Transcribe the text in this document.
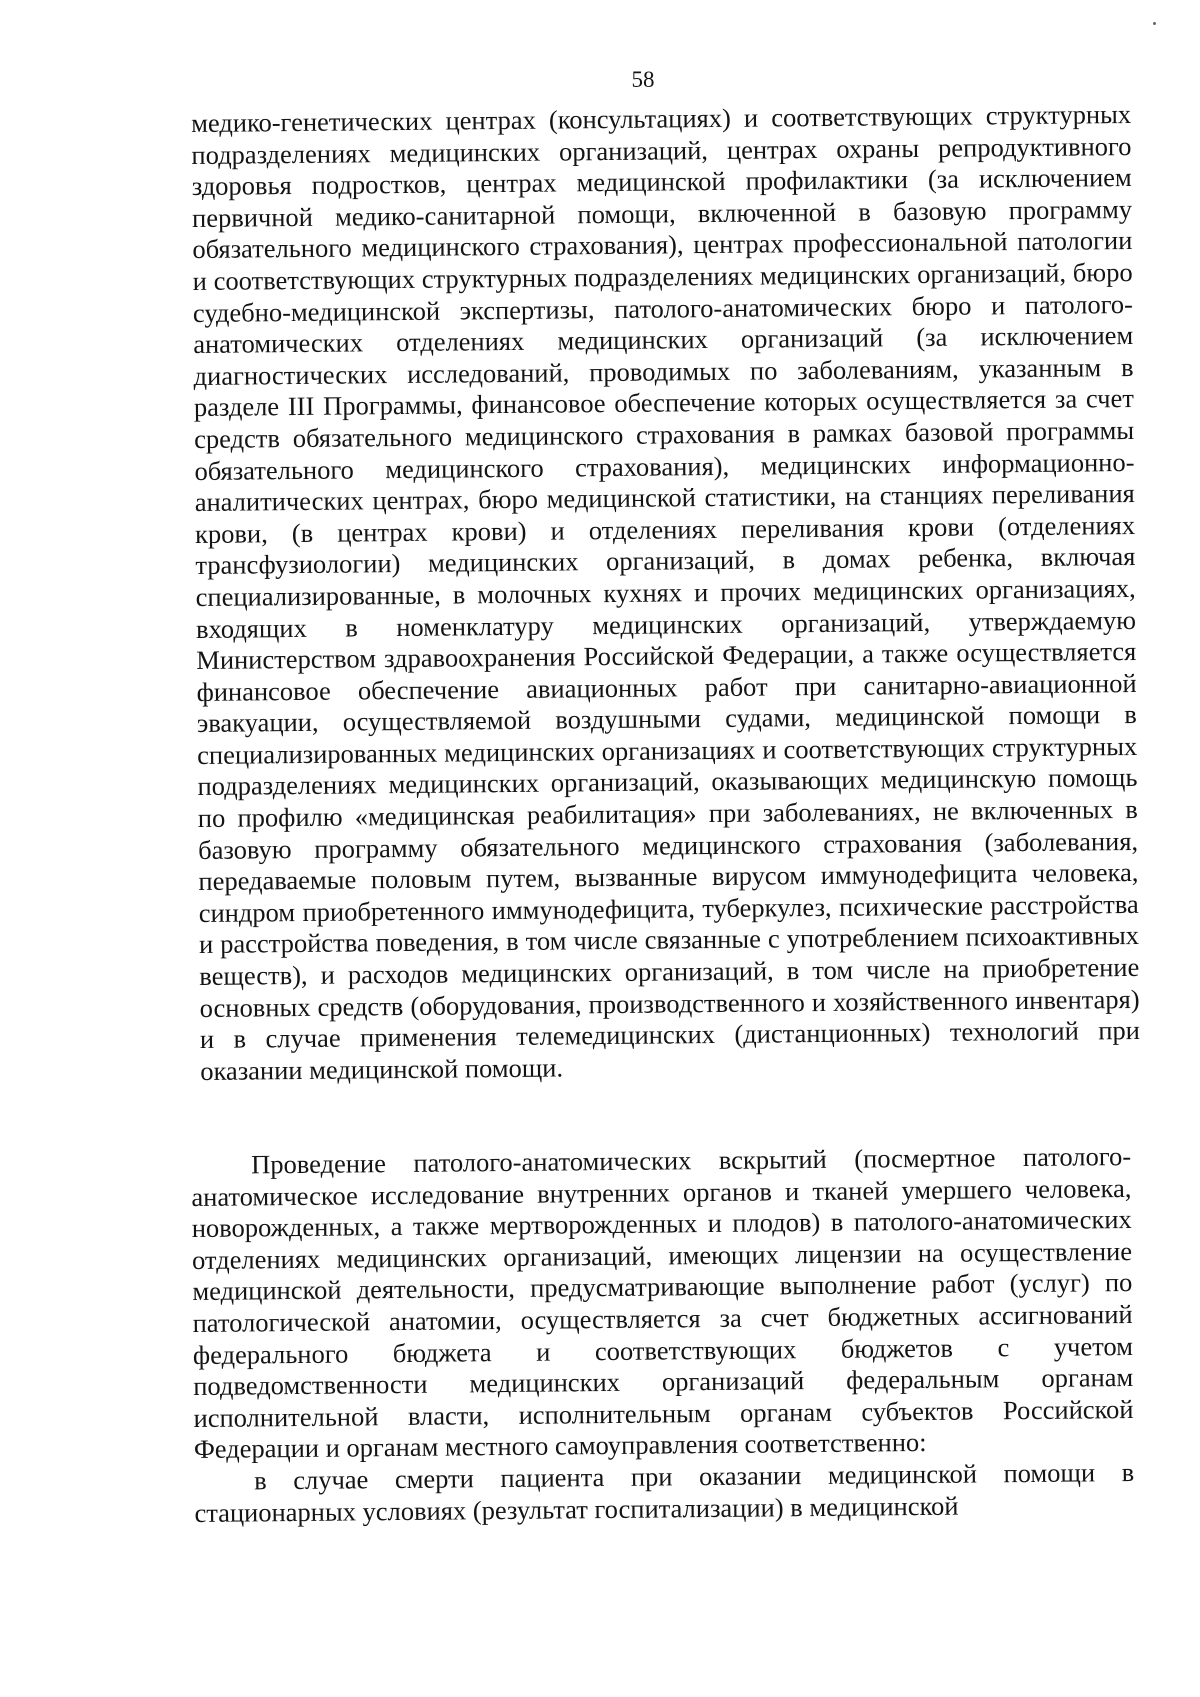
58

медико-генетических центрах (консультациях) и соответствующих структурных подразделениях медицинских организаций, центрах охраны репродуктивного здоровья подростков, центрах медицинской профилактики (за исключением первичной медико-санитарной помощи, включенной в базовую программу обязательного медицинского страхования), центрах профессиональной патологии и соответствующих структурных подразделениях медицинских организаций, бюро судебно-медицинской экспертизы, патолого-анатомических бюро и патолого-анатомических отделениях медицинских организаций (за исключением диагностических исследований, проводимых по заболеваниям, указанным в разделе III Программы, финансовое обеспечение которых осуществляется за счет средств обязательного медицинского страхования в рамках базовой программы обязательного медицинского страхования), медицинских информационно-аналитических центрах, бюро медицинской статистики, на станциях переливания крови, (в центрах крови) и отделениях переливания крови (отделениях трансфузиологии) медицинских организаций, в домах ребенка, включая специализированные, в молочных кухнях и прочих медицинских организациях, входящих в номенклатуру медицинских организаций, утверждаемую Министерством здравоохранения Российской Федерации, а также осуществляется финансовое обеспечение авиационных работ при санитарно-авиационной эвакуации, осуществляемой воздушными судами, медицинской помощи в специализированных медицинских организациях и соответствующих структурных подразделениях медицинских организаций, оказывающих медицинскую помощь по профилю «медицинская реабилитация» при заболеваниях, не включенных в базовую программу обязательного медицинского страхования (заболевания, передаваемые половым путем, вызванные вирусом иммунодефицита человека, синдром приобретенного иммунодефицита, туберкулез, психические расстройства и расстройства поведения, в том числе связанные с употреблением психоактивных веществ), и расходов медицинских организаций, в том числе на приобретение основных средств (оборудования, производственного и хозяйственного инвентаря) и в случае применения телемедицинских (дистанционных) технологий при оказании медицинской помощи.

Проведение патолого-анатомических вскрытий (посмертное патолого-анатомическое исследование внутренних органов и тканей умершего человека, новорожденных, а также мертворожденных и плодов) в патолого-анатомических отделениях медицинских организаций, имеющих лицензии на осуществление медицинской деятельности, предусматривающие выполнение работ (услуг) по патологической анатомии, осуществляется за счет бюджетных ассигнований федерального бюджета и соответствующих бюджетов с учетом подведомственности медицинских организаций федеральным органам исполнительной власти, исполнительным органам субъектов Российской Федерации и органам местного самоуправления соответственно:

в случае смерти пациента при оказании медицинской помощи в стационарных условиях (результат госпитализации) в медицинской
